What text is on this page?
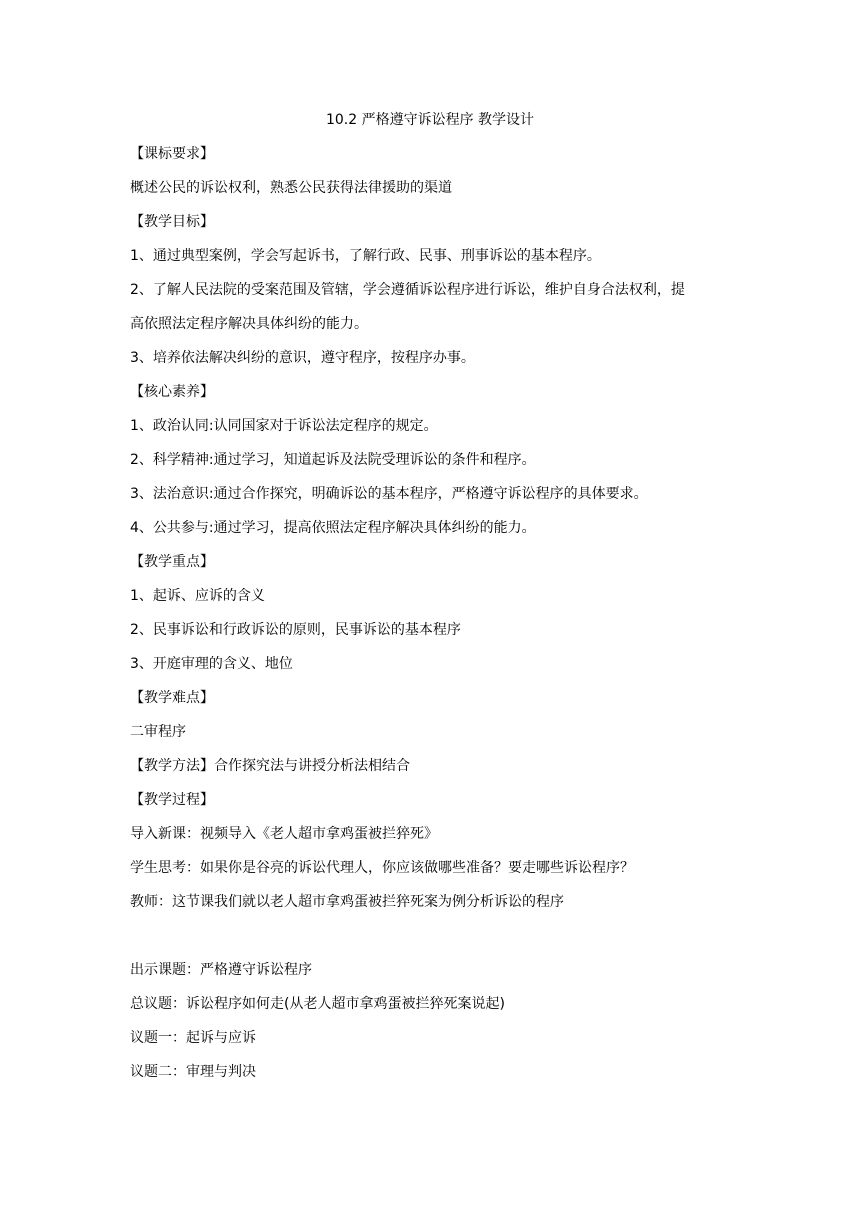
10.2 严格遵守诉讼程序 教学设计

【课标要求】

概述公民的诉讼权利，熟悉公民获得法律援助的渠道

【教学目标】

1、通过典型案例，学会写起诉书，了解行政、民事、刑事诉讼的基本程序。

2、了解人民法院的受案范围及管辖，学会遵循诉讼程序进行诉讼，维护自身合法权利，提

高依照法定程序解决具体纠纷的能力。

3、培养依法解决纠纷的意识，遵守程序，按程序办事。

【核心素养】

1、政治认同:认同国家对于诉讼法定程序的规定。

2、科学精神:通过学习，知道起诉及法院受理诉讼的条件和程序。

3、法治意识:通过合作探究，明确诉讼的基本程序，严格遵守诉讼程序的具体要求。

4、公共参与:通过学习，提高依照法定程序解决具体纠纷的能力。

【教学重点】

1、起诉、应诉的含义

2、民事诉讼和行政诉讼的原则，民事诉讼的基本程序

3、开庭审理的含义、地位

【教学难点】

二审程序

【教学方法】合作探究法与讲授分析法相结合

【教学过程】

导入新课：视频导入《老人超市拿鸡蛋被拦猝死》

学生思考：如果你是谷亮的诉讼代理人，你应该做哪些准备？要走哪些诉讼程序？

教师：这节课我们就以老人超市拿鸡蛋被拦猝死案为例分析诉讼的程序

出示课题：严格遵守诉讼程序

总议题：诉讼程序如何走(从老人超市拿鸡蛋被拦猝死案说起)

议题一：起诉与应诉

议题二：审理与判决
